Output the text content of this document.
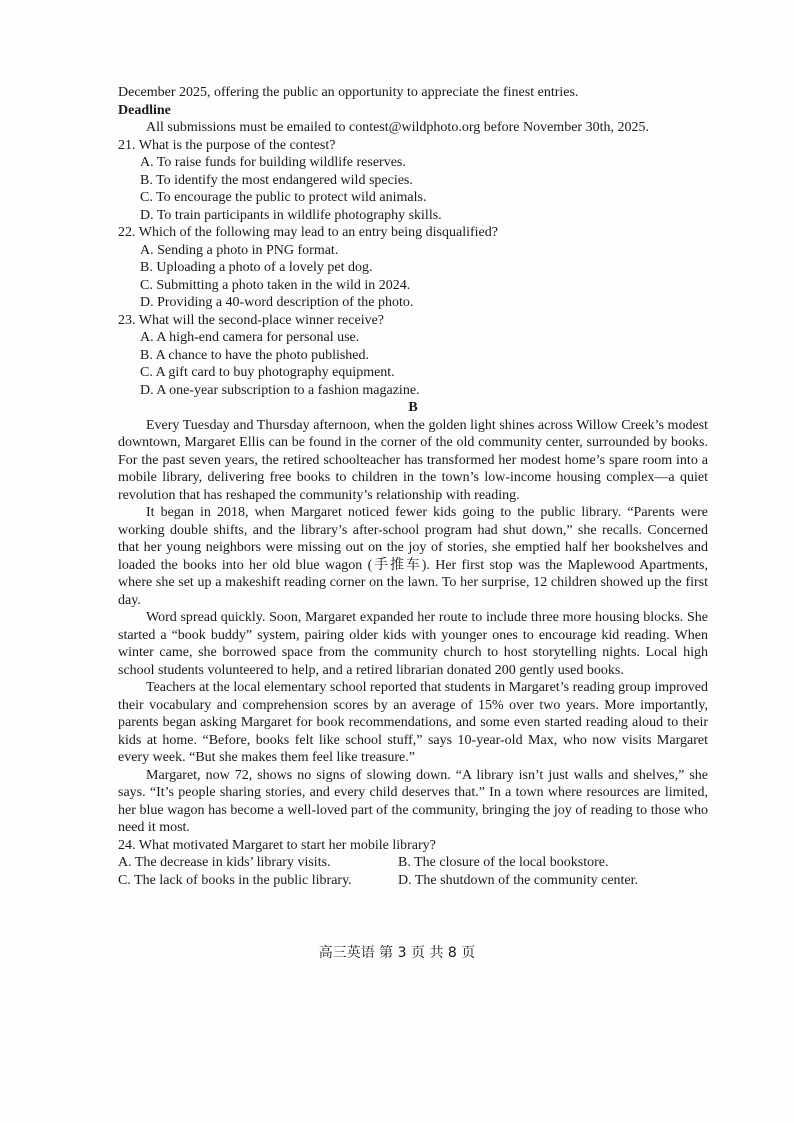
December 2025, offering the public an opportunity to appreciate the finest entries.

Deadline

All submissions must be emailed to contest@wildphoto.org before November 30th, 2025.

21. What is the purpose of the contest?

A. To raise funds for building wildlife reserves.

B. To identify the most endangered wild species.

C. To encourage the public to protect wild animals.

D. To train participants in wildlife photography skills.

22. Which of the following may lead to an entry being disqualified?

A. Sending a photo in PNG format.

B. Uploading a photo of a lovely pet dog.

C. Submitting a photo taken in the wild in 2024.

D. Providing a 40-word description of the photo.

23. What will the second-place winner receive?

A. A high-end camera for personal use.

B. A chance to have the photo published.

C. A gift card to buy photography equipment.

D. A one-year subscription to a fashion magazine.

B

Every Tuesday and Thursday afternoon, when the golden light shines across Willow Creek’s modest downtown, Margaret Ellis can be found in the corner of the old community center, surrounded by books. For the past seven years, the retired schoolteacher has transformed her modest home’s spare room into a mobile library, delivering free books to children in the town’s low-income housing complex—a quiet revolution that has reshaped the community’s relationship with reading.

It began in 2018, when Margaret noticed fewer kids going to the public library. “Parents were working double shifts, and the library’s after-school program had shut down,” she recalls. Concerned that her young neighbors were missing out on the joy of stories, she emptied half her bookshelves and loaded the books into her old blue wagon (手推车). Her first stop was the Maplewood Apartments, where she set up a makeshift reading corner on the lawn. To her surprise, 12 children showed up the first day.

Word spread quickly. Soon, Margaret expanded her route to include three more housing blocks. She started a “book buddy” system, pairing older kids with younger ones to encourage kid reading. When winter came, she borrowed space from the community church to host storytelling nights. Local high school students volunteered to help, and a retired librarian donated 200 gently used books.

Teachers at the local elementary school reported that students in Margaret’s reading group improved their vocabulary and comprehension scores by an average of 15% over two years. More importantly, parents began asking Margaret for book recommendations, and some even started reading aloud to their kids at home. “Before, books felt like school stuff,” says 10-year-old Max, who now visits Margaret every week. “But she makes them feel like treasure.”

Margaret, now 72, shows no signs of slowing down. “A library isn’t just walls and shelves,” she says. “It’s people sharing stories, and every child deserves that.” In a town where resources are limited, her blue wagon has become a well-loved part of the community, bringing the joy of reading to those who need it most.

24. What motivated Margaret to start her mobile library?

A. The decrease in kids’ library visits.	B. The closure of the local bookstore.
C. The lack of books in the public library.	D. The shutdown of the community center.
高三英语 第 3 页 共 8 页
